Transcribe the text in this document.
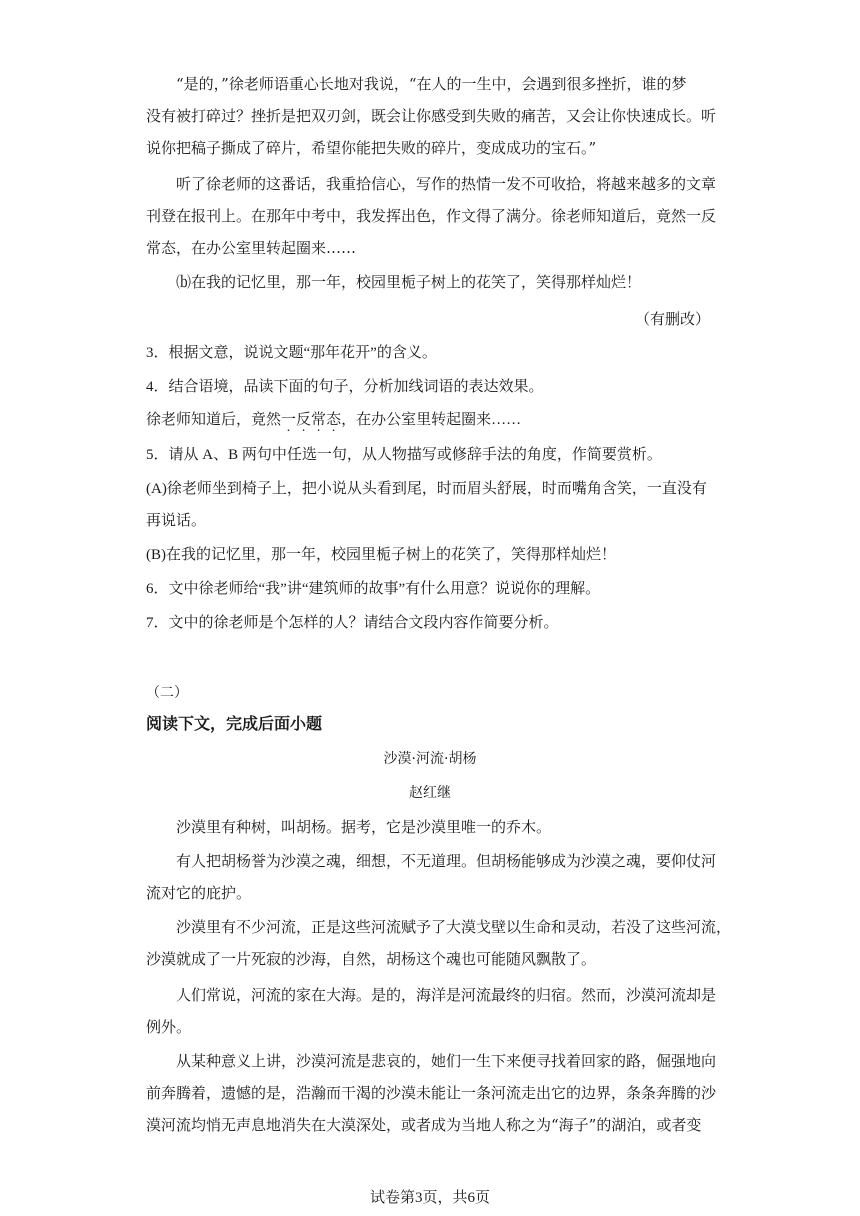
“是的，”徐老师语重心长地对我说，“在人的一生中，会遇到很多挫折，谁的梦
没有被打碎过？挫折是把双刃剑，既会让你感受到失败的痛苦，又会让你快速成长。听
说你把稿子撕成了碎片，希望你能把失败的碎片，变成成功的宝石。”
听了徐老师的这番话，我重拾信心，写作的热情一发不可收拾，将越来越多的文章
刊登在报刊上。在那年中考中，我发挥出色，作文得了满分。徐老师知道后，竟然一反
常态，在办公室里转起圈来……
⒝在我的记忆里，那一年，校园里栀子树上的花笑了，笑得那样灿烂！
（有删改）
3．根据文意，说说文题“那年花开”的含义。
4．结合语境，品读下面的句子，分析加线词语的表达效果。
徐老师知道后，竟然一反常态，在办公室里转起圈来……
5．请从 A、B 两句中任选一句，从人物描写或修辞手法的角度，作简要赏析。
(A)徐老师坐到椅子上，把小说从头看到尾，时而眉头舒展，时而嘴角含笑，一直没有
再说话。
(B)在我的记忆里，那一年，校园里栀子树上的花笑了，笑得那样灿烂！
6．文中徐老师给“我”讲“建筑师的故事”有什么用意？说说你的理解。
7．文中的徐老师是个怎样的人？请结合文段内容作简要分析。
（二）
阅读下文，完成后面小题
沙漠·河流·胡杨
赵红继
沙漠里有种树，叫胡杨。据考，它是沙漠里唯一的乔木。
有人把胡杨誉为沙漠之魂，细想，不无道理。但胡杨能够成为沙漠之魂，要仰仗河
流对它的庇护。
沙漠里有不少河流，正是这些河流赋予了大漠戈壁以生命和灵动，若没了这些河流，
沙漠就成了一片死寂的沙海，自然，胡杨这个魂也可能随风飘散了。
人们常说，河流的家在大海。是的，海洋是河流最终的归宿。然而，沙漠河流却是
例外。
从某种意义上讲，沙漠河流是悲哀的，她们一生下来便寻找着回家的路，倔强地向
前奔腾着，遗憾的是，浩瀚而干渴的沙漠未能让一条河流走出它的边界，条条奔腾的沙
漠河流均悄无声息地消失在大漠深处，或者成为当地人称之为“海子”的湖泊，或者变
试卷第3页，共6页
